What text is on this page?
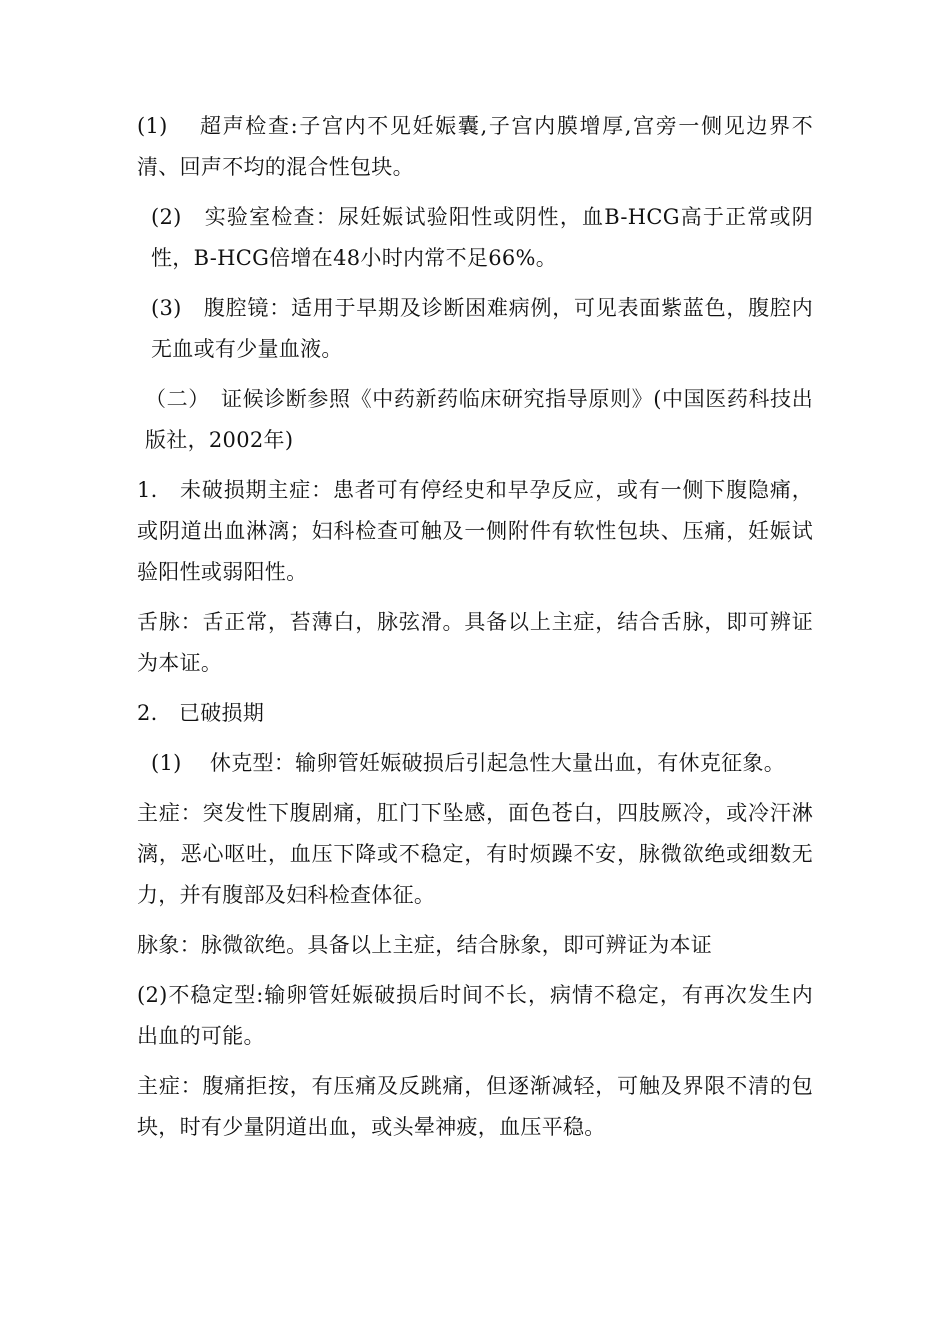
(1)　 超声检查:子宫内不见妊娠囊,子宫内膜增厚,宫旁一侧见边界不清、回声不均的混合性包块。

(2)　实验室检查：尿妊娠试验阳性或阴性，血B-HCG高于正常或阴性，B-HCG倍增在48小时内常不足66%。

(3)　腹腔镜：适用于早期及诊断困难病例，可见表面紫蓝色，腹腔内无血或有少量血液。

（二）　证候诊断参照《中药新药临床研究指导原则》(中国医药科技出版社，2002年)

1.　未破损期主症：患者可有停经史和早孕反应，或有一侧下腹隐痛，或阴道出血淋漓；妇科检查可触及一侧附件有软性包块、压痛，妊娠试验阳性或弱阳性。

舌脉：舌正常，苔薄白，脉弦滑。具备以上主症，结合舌脉，即可辨证为本证。

2.　已破损期

(1)　 休克型：输卵管妊娠破损后引起急性大量出血，有休克征象。

主症：突发性下腹剧痛，肛门下坠感，面色苍白，四肢厥冷，或冷汗淋漓，恶心呕吐，血压下降或不稳定，有时烦躁不安，脉微欲绝或细数无力，并有腹部及妇科检查体征。

脉象：脉微欲绝。具备以上主症，结合脉象，即可辨证为本证

(2)不稳定型:输卵管妊娠破损后时间不长，病情不稳定，有再次发生内出血的可能。

主症：腹痛拒按，有压痛及反跳痛，但逐渐减轻，可触及界限不清的包块，时有少量阴道出血，或头晕神疲，血压平稳。
